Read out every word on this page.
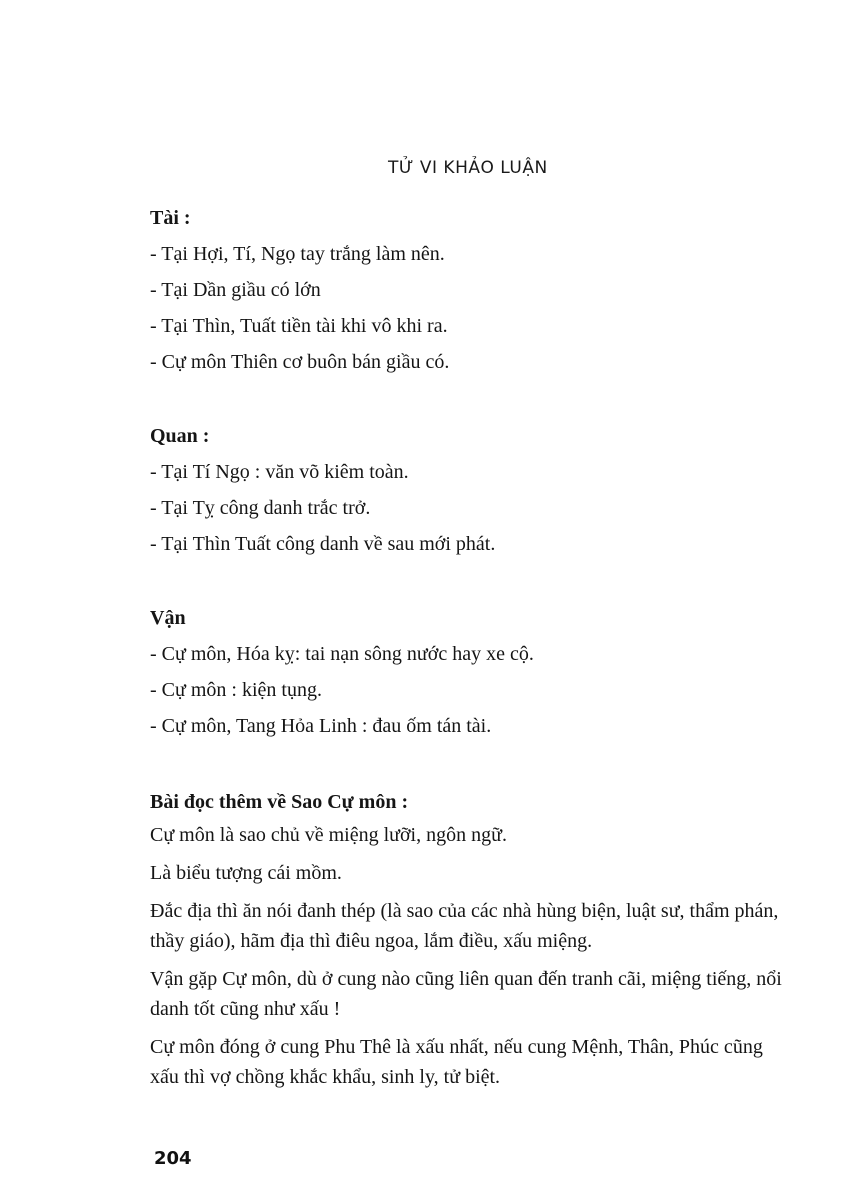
TỬ VI KHẢO LUẬN

Tài :

- Tại Hợi, Tí, Ngọ tay trắng làm nên.

- Tại Dần giầu có lớn

- Tại Thìn, Tuất tiền tài khi vô khi ra.

- Cự môn Thiên cơ buôn bán giầu có.

Quan :

- Tại Tí Ngọ : văn võ kiêm toàn.

- Tại Tỵ công danh trắc trở.

- Tại Thìn Tuất công danh về sau mới phát.

Vận

- Cự môn, Hóa kỵ: tai nạn sông nước hay xe cộ.

- Cự môn : kiện tụng.

- Cự môn, Tang Hỏa Linh : đau ốm tán tài.

Bài đọc thêm về Sao Cự môn :

Cự môn là sao chủ về miệng lưỡi, ngôn ngữ.

Là biểu tượng cái mồm.

Đắc địa thì ăn nói đanh thép (là sao của các nhà hùng biện, luật sư, thẩm phán, thầy giáo), hãm địa thì điêu ngoa, lắm điều, xấu miệng.

Vận gặp Cự môn, dù ở cung nào cũng liên quan đến tranh cãi, miệng tiếng, nổi danh tốt cũng như xấu !

Cự môn đóng ở cung Phu Thê là xấu nhất, nếu cung Mệnh, Thân, Phúc cũng xấu thì vợ chồng khắc khẩu, sinh ly, tử biệt.

204
